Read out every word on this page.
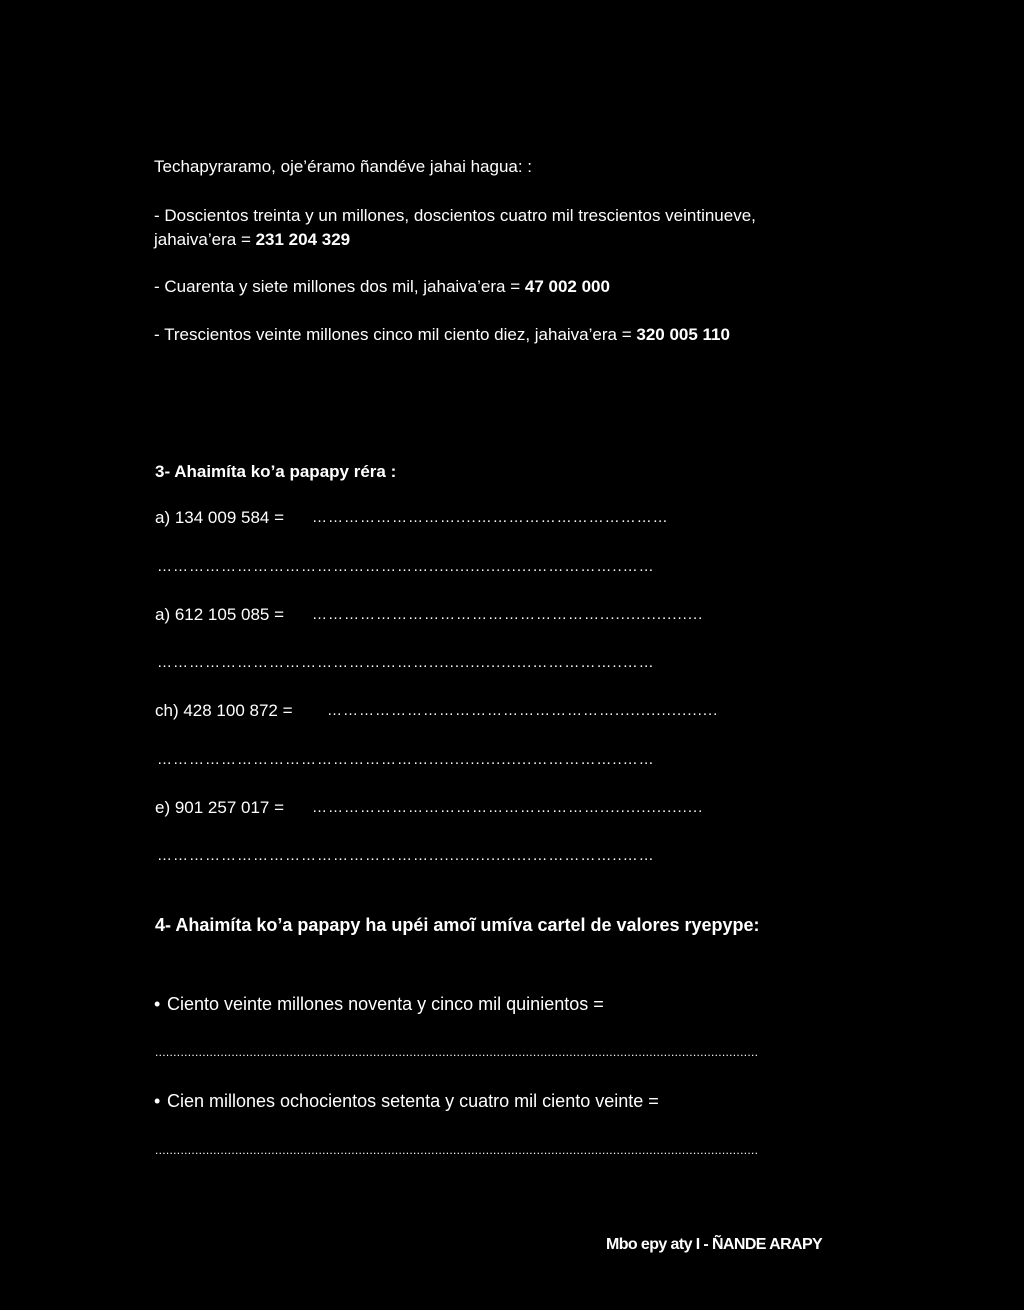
Techapyraramo, oje’éramo ñandéve jahai hagua: :
- Doscientos treinta y un millones, doscientos cuatro mil trescientos veintinueve,
jahaiva’era = 231 204 329
- Cuarenta y siete millones dos mil, jahaiva’era = 47 002 000
- Trescientos veinte millones cinco mil ciento diez, jahaiva’era = 320 005 110
3- Ahaimíta ko’a papapy réra :
a) 134 009 584 = ………………………....………………………………
……………………………………………....................……………..……
a) 612 105 085 = ………………………………………………....................
……………………………………………....................……………..……
ch) 428 100 872 = ………………………………………………....................
……………………………………………....................……………..……
e) 901 257 017 = ………………………………………………....................
……………………………………………....................……………..……
4- Ahaimíta ko’a papapy ha upéi amoĩ umíva cartel de valores ryepype:
• Ciento veinte millones noventa y cinco mil quinientos =
......................................................................................................................................................................
• Cien millones ochocientos setenta y cuatro mil ciento veinte =
......................................................................................................................................................................
Mbo epy aty I - ÑANDE ARAPY
